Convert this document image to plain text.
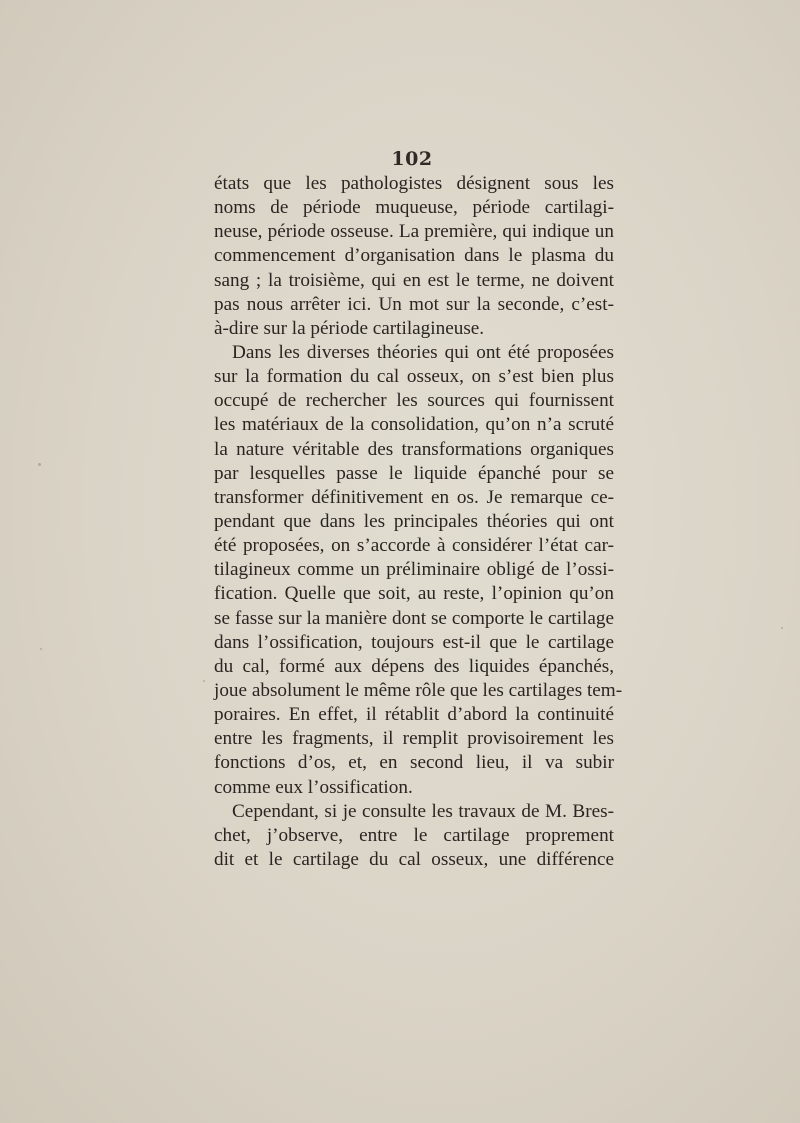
102
états que les pathologistes désignent sous les
noms de période muqueuse, période cartilagi-
neuse, période osseuse. La première, qui indique un
commencement d’organisation dans le plasma du
sang ; la troisième, qui en est le terme, ne doivent
pas nous arrêter ici. Un mot sur la seconde, c’est-
à-dire sur la période cartilagineuse.
Dans les diverses théories qui ont été proposées
sur la formation du cal osseux, on s’est bien plus
occupé de rechercher les sources qui fournissent
les matériaux de la consolidation, qu’on n’a scruté
la nature véritable des transformations organiques
par lesquelles passe le liquide épanché pour se
transformer définitivement en os. Je remarque ce-
pendant que dans les principales théories qui ont
été proposées, on s’accorde à considérer l’état car-
tilagineux comme un préliminaire obligé de l’ossi-
fication. Quelle que soit, au reste, l’opinion qu’on
se fasse sur la manière dont se comporte le cartilage
dans l’ossification, toujours est-il que le cartilage
du cal, formé aux dépens des liquides épanchés,
joue absolument le même rôle que les cartilages tem-
poraires. En effet, il rétablit d’abord la continuité
entre les fragments, il remplit provisoirement les
fonctions d’os, et, en second lieu, il va subir
comme eux l’ossification.
Cependant, si je consulte les travaux de M. Bres-
chet, j’observe, entre le cartilage proprement
dit et le cartilage du cal osseux, une différence
